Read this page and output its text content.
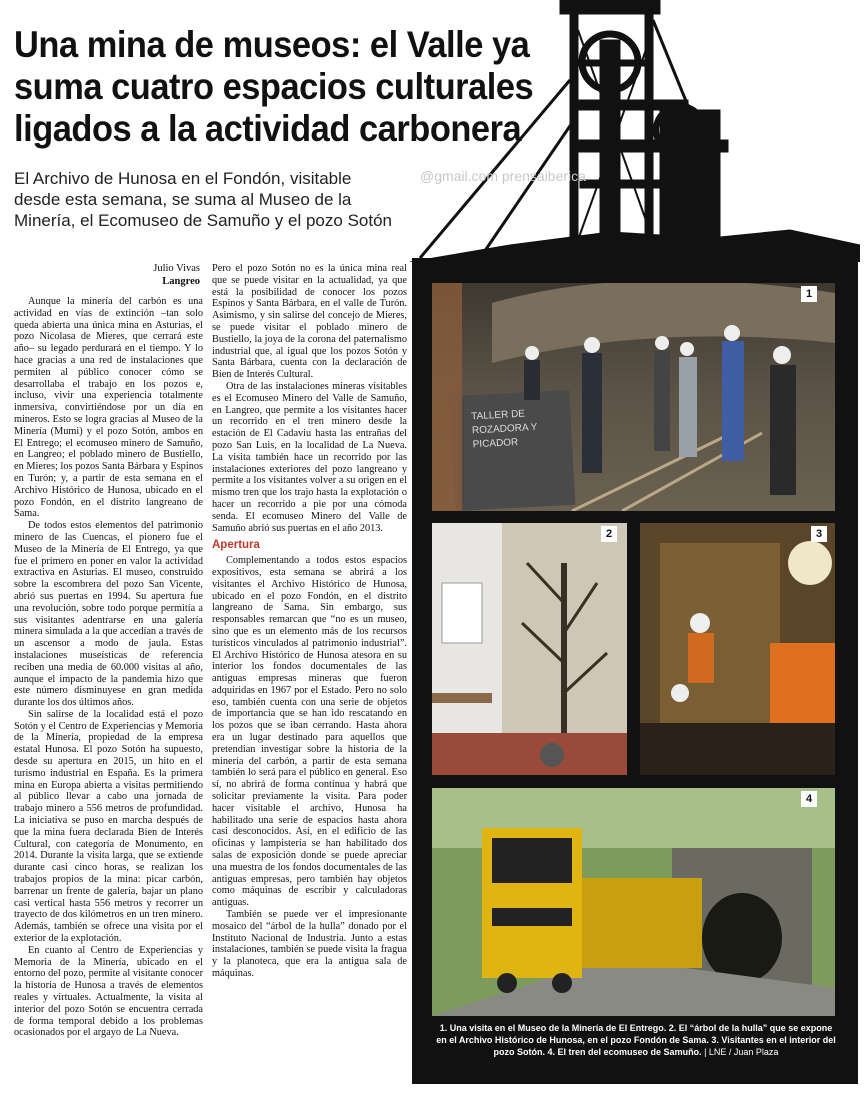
Una mina de museos: el Valle ya
suma cuatro espacios culturales
ligados a la actividad carbonera
El Archivo de Hunosa en el Fondón, visitable
desde esta semana, se suma al Museo de la
Minería, el Ecomuseo de Samuño y el pozo Sotón
@gmail.com prensaiberica
Julio Vivas
Langreo

Aunque la minería del carbón es una actividad en vías de extinción –tan solo queda abierta una única mina en Asturias, el pozo Nicolasa de Mieres, que cerrará este año– su legado perdurará en el tiempo. Y lo hace gracias a una red de instalaciones que permiten al público conocer cómo se desarrollaba el trabajo en los pozos e, incluso, vivir una experiencia totalmente inmersiva, convirtiéndose por un día en mineros. Esto se logra gracias al Museo de la Minería (Mumi) y el pozo Sotón, ambos en El Entrego; el ecomuseo minero de Samuño, en Langreo; el poblado minero de Bustiello, en Mieres; los pozos Santa Bárbara y Espinos en Turón; y, a partir de esta semana en el Archivo Histórico de Hunosa, ubicado en el pozo Fondón, en el distrito langreano de Sama.

De todos estos elementos del patrimonio minero de las Cuencas, el pionero fue el Museo de la Minería de El Entrego, ya que fue el primero en poner en valor la actividad extractiva en Asturias. El museo, construido sobre la escombrera del pozo San Vicente, abrió sus puertas en 1994. Su apertura fue una revolución, sobre todo porque permitía a sus visitantes adentrarse en una galería minera simulada a la que accedían a través de un ascensor a modo de jaula. Estas instalaciones museísticas de referencia reciben una media de 60.000 visitas al año, aunque el impacto de la pandemia hizo que este número disminuyese en gran medida durante los dos últimos años.

Sin salirse de la localidad está el pozo Sotón y el Centro de Experiencias y Memoria de la Minería, propiedad de la empresa estatal Hunosa. El pozo Sotón ha supuesto, desde su apertura en 2015, un hito en el turismo industrial en España. Es la primera mina en Europa abierta a visitas permitiendo al público llevar a cabo una jornada de trabajo minero a 556 metros de profundidad. La iniciativa se puso en marcha después de que la mina fuera declarada Bien de Interés Cultural, con categoría de Monumento, en 2014. Durante la visita larga, que se extiende durante casi cinco horas, se realizan los trabajos propios de la mina: picar carbón, barrenar un frente de galería, bajar un plano casi vertical hasta 556 metros y recorrer un trayecto de dos kilómetros en un tren minero. Además, también se ofrece una visita por el exterior de la explotación.

En cuanto al Centro de Experiencias y Memoria de la Minería, ubicado en el entorno del pozo, permite al visitante conocer la historia de Hunosa a través de elementos reales y virtuales. Actualmente, la visita al interior del pozo Sotón se encuentra cerrada de forma temporal debido a los problemas ocasionados por el argayo de La Nueva.

Pero el pozo Sotón no es la única mina real que se puede visitar en la actualidad, ya que está la posibilidad de conocer los pozos Espinos y Santa Bárbara, en el valle de Turón. Asimismo, y sin salirse del concejo de Mieres, se puede visitar el poblado minero de Bustiello, la joya de la corona del paternalismo industrial que, al igual que los pozos Sotón y Santa Bárbara, cuenta con la declaración de Bien de Interés Cultural.

Otra de las instalaciones mineras visitables es el Ecomuseo Minero del Valle de Samuño, en Langreo, que permite a los visitantes hacer un recorrido en el tren minero desde la estación de El Cadaviu hasta las entrañas del pozo San Luis, en la localidad de La Nueva. La visita también hace un recorrido por las instalaciones exteriores del pozo langreano y permite a los visitantes volver a su origen en el mismo tren que los trajo hasta la explotación o hacer un recorrido a pie por una cómoda senda. El ecomuseo Minero del Valle de Samuño abrió sus puertas en el año 2013.

Apertura

Complementando a todos estos espacios expositivos, esta semana se abrirá a los visitantes el Archivo Histórico de Hunosa, ubicado en el pozo Fondón, en el distrito langreano de Sama. Sin embargo, sus responsables remarcan que “no es un museo, sino que es un elemento más de los recursos turísticos vinculados al patrimonio industrial”. El Archivo Histórico de Hunosa atesora en su interior los fondos documentales de las antiguas empresas mineras que fueron adquiridas en 1967 por el Estado. Pero no solo eso, también cuenta con una serie de objetos de importancia que se han ido rescatando en los pozos que se iban cerrando. Hasta ahora era un lugar destinado para aquellos que pretendían investigar sobre la historia de la minería del carbón, a partir de esta semana también lo será para el público en general. Eso sí, no abrirá de forma continua y habrá que solicitar previamente la visita. Para poder hacer visitable el archivo, Hunosa ha habilitado una serie de espacios hasta ahora casi desconocidos. Así, en el edificio de las oficinas y lampistería se han habilitado dos salas de exposición donde se puede apreciar una muestra de los fondos documentales de las antiguas empresas, pero también hay objetos como máquinas de escribir y calculadoras antiguas.

También se puede ver el impresionante mosaico del “árbol de la hulla” donado por el Instituto Nacional de Industria. Junto a estas instalaciones, también se puede visita la fragua y la planoteca, que era la antigua sala de máquinas.

1
TALLER DE ROZADORA Y PICADOR
2	3
4
1. Una visita en el Museo de la Minería de El Entrego. 2. El “árbol de la hulla” que se expone en el Archivo Histórico de Hunosa, en el pozo Fondón de Sama. 3. Visitantes en el interior del pozo Sotón. 4. El tren del ecomuseo de Samuño. | LNE / Juan Plaza
